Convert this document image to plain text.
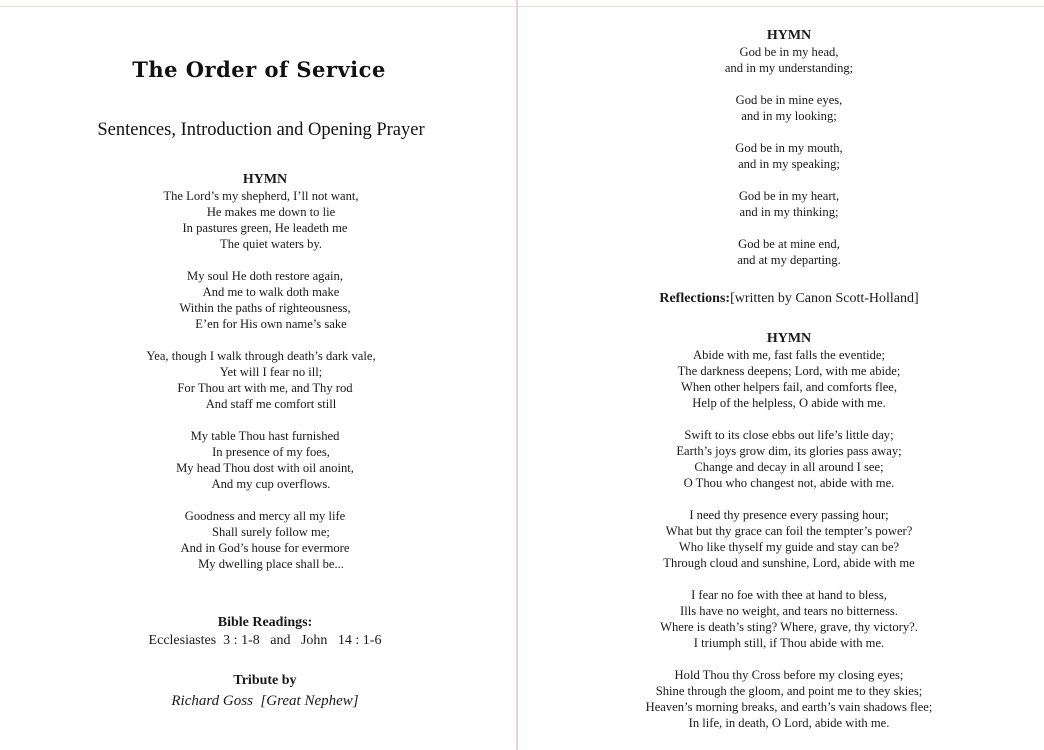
The Order of Service
Sentences, Introduction and Opening Prayer
HYMN
The Lord’s my shepherd, I’ll not want,
He makes me down to lie
In pastures green, He leadeth me
The quiet waters by.
My soul He doth restore again,
And me to walk doth make
Within the paths of righteousness,
E’en for His own name’s sake
Yea, though I walk through death’s dark vale,
Yet will I fear no ill;
For Thou art with me, and Thy rod
And staff me comfort still
My table Thou hast furnished
In presence of my foes,
My head Thou dost with oil anoint,
And my cup overflows.
Goodness and mercy all my life
Shall surely follow me;
And in God’s house for evermore
My dwelling place shall be...
Bible Readings:
Ecclesiastes  3 : 1-8   and   John   14 : 1-6
Tribute by
Richard Goss  [Great Nephew]
HYMN
God be in my head,
and in my understanding;
God be in mine eyes,
and in my looking;
God be in my mouth,
and in my speaking;
God be in my heart,
and in my thinking;
God be at mine end,
and at my departing.
Reflections:[written by Canon Scott-Holland]
HYMN
Abide with me, fast falls the eventide;
The darkness deepens; Lord, with me abide;
When other helpers fail, and comforts flee,
Help of the helpless, O abide with me.
Swift to its close ebbs out life’s little day;
Earth’s joys grow dim, its glories pass away;
Change and decay in all around I see;
O Thou who changest not, abide with me.
I need thy presence every passing hour;
What but thy grace can foil the tempter’s power?
Who like thyself my guide and stay can be?
Through cloud and sunshine, Lord, abide with me
I fear no foe with thee at hand to bless,
Ills have no weight, and tears no bitterness.
Where is death’s sting? Where, grave, thy victory?.
I triumph still, if Thou abide with me.
Hold Thou thy Cross before my closing eyes;
Shine through the gloom, and point me to they skies;
Heaven’s morning breaks, and earth’s vain shadows flee;
In life, in death, O Lord, abide with me.
